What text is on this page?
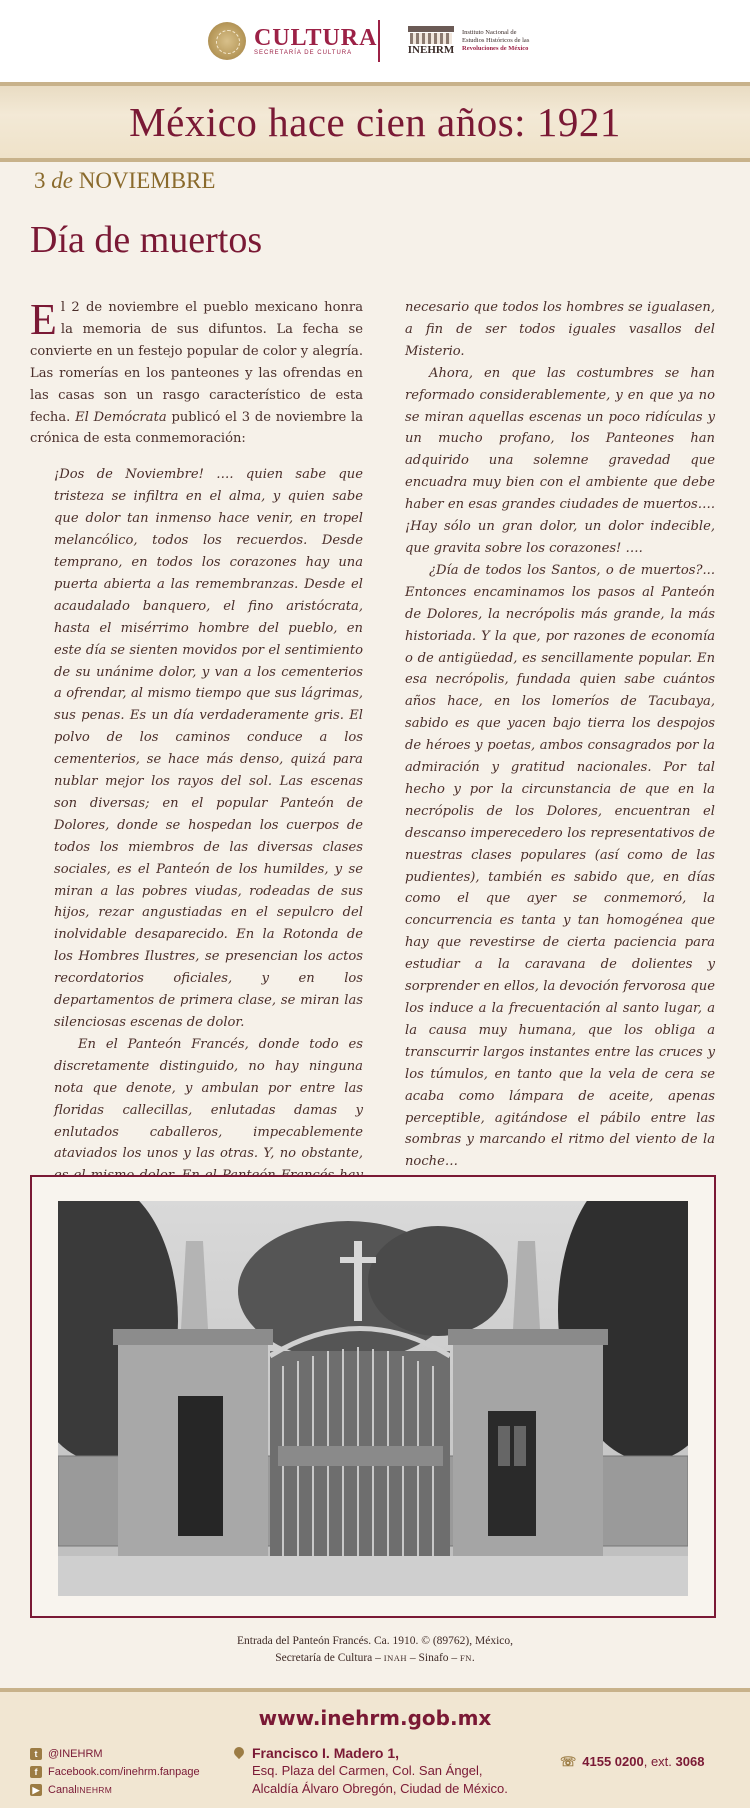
CULTURA
SECRETARÍA DE CULTURA	INEHRM
Instituto Nacional de
Estudios Históricos de las
Revoluciones de México
México hace cien años: 1921
3 de NOVIEMBRE
Día de muertos

El 2 de noviembre el pueblo mexicano honra la memoria de sus difuntos. La fecha se convierte en un festejo popular de color y alegría. Las romerías en los panteones y las ofrendas en las casas son un rasgo característico de esta fecha. El Demócrata publicó el 3 de noviembre la crónica de esta conmemoración:

¡Dos de Noviembre! …. quien sabe que tristeza se infiltra en el alma, y quien sabe que dolor tan inmenso hace venir, en tropel melancólico, todos los recuerdos. Desde temprano, en todos los corazones hay una puerta abierta a las remembranzas. Desde el acaudalado banquero, el fino aristócrata, hasta el misérrimo hombre del pueblo, en este día se sienten movidos por el sentimiento de su unánime dolor, y van a los cementerios a ofrendar, al mismo tiempo que sus lágrimas, sus penas. Es un día verdaderamente gris. El polvo de los caminos conduce a los cementerios, se hace más denso, quizá para nublar mejor los rayos del sol. Las escenas son diversas; en el popular Panteón de Dolores, donde se hospedan los cuerpos de todos los miembros de las diversas clases sociales, es el Panteón de los humildes, y se miran a las pobres viudas, rodeadas de sus hijos, rezar angustiadas en el sepulcro del inolvidable desaparecido. En la Rotonda de los Hombres Ilustres, se presencian los actos recordatorios oficiales, y en los departamentos de primera clase, se miran las silenciosas escenas de dolor.

En el Panteón Francés, donde todo es discretamente distinguido, no hay ninguna nota que denote, y ambulan por entre las floridas callecillas, enlutadas damas y enlutados caballeros, impecablemente ataviados los unos y las otras. Y, no obstante,

necesario que todos los hombres se igualasen, a fin de ser todos iguales vasallos del Misterio.

Ahora, en que las costumbres se han reformado considerablemente, y en que ya no se miran aquellas escenas un poco ridículas y un mucho profano, los Panteones han adquirido una solemne gravedad que encuadra muy bien con el ambiente que debe haber en esas grandes ciudades de muertos…. ¡Hay sólo un gran dolor, un dolor indecible, que gravita sobre los corazones! ….

¿Día de todos los Santos, o de muertos?... Entonces encaminamos los pasos al Panteón de Dolores, la necrópolis más grande, la más historiada. Y la que, por razones de economía o de antigüedad, es sencillamente popular. En esa necrópolis, fundada quien sabe cuántos años hace, en los lomeríos de Tacubaya, sabido es que yacen bajo tierra los despojos de héroes y poetas, ambos consagrados por la admiración y gratitud nacionales. Por tal hecho y por la circunstancia de que en la necrópolis de los Dolores, encuentran el descanso imperecedero los representativos de nuestras clases populares (así como de las pudientes), también es sabido que, en días como el que ayer se conmemoró, la concurrencia es tanta y tan homogénea que hay que revestirse de cierta paciencia para estudiar a la caravana de dolientes y sorprender en ellos, la devoción fervorosa que los induce a la frecuentación al santo lugar, a la causa muy humana, que los obliga a transcurrir largos instantes entre las cruces y los túmulos, en tanto que la vela de cera se acaba como lámpara de aceite, apenas perceptible, agitándose el pábilo entre las sombras y marcando el ritmo del viento de la noche…

Entrada del Panteón Francés. Ca. 1910. © (89762), México,
Secretaría de Cultura – INAH – Sinafo – FN.
www.inehrm.gob.mx
t @INEHRM
f Facebook.com/inehrm.fanpage
▶ Canal INEHRM
Francisco I. Madero 1,
Esq. Plaza del Carmen, Col. San Ángel,
Alcaldía Álvaro Obregón, Ciudad de México.
☏ 4155 0200, ext. 3068
